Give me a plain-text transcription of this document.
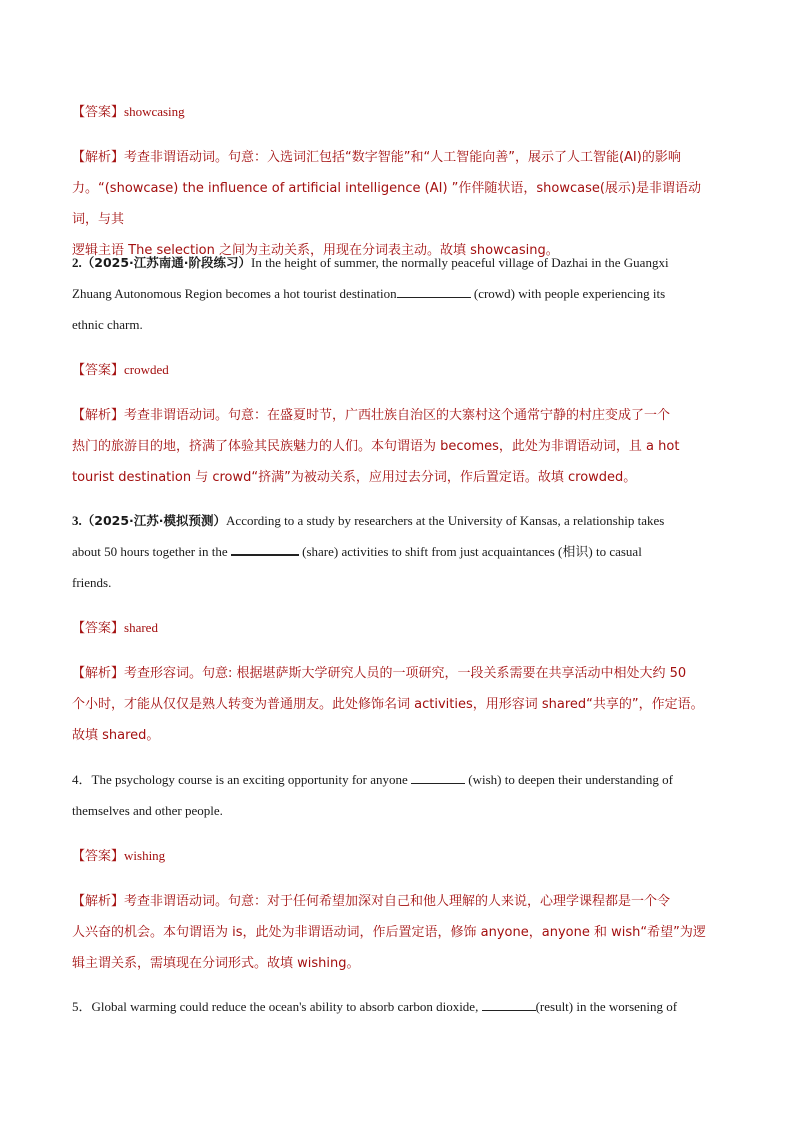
【答案】showcasing
【解析】考查非谓语动词。句意：入选词汇包括“数字智能”和“人工智能向善”，展示了人工智能(AI)的影响
力。“(showcase) the influence of artificial intelligence (AI) ”作伴随状语，showcase(展示)是非谓语动词，与其
逻辑主语 The selection 之间为主动关系，用现在分词表主动。故填 showcasing。
2.（2025·江苏南通·阶段练习）In the height of summer, the normally peaceful village of Dazhai in the Guangxi
Zhuang Autonomous Region becomes a hot tourist destination	(crowd) with people experiencing its
ethnic charm.
【答案】crowded
【解析】考查非谓语动词。句意：在盛夏时节，广西壮族自治区的大寨村这个通常宁静的村庄变成了一个
热门的旅游目的地，挤满了体验其民族魅力的人们。本句谓语为 becomes，此处为非谓语动词，且 a hot
tourist destination 与 crowd“挤满”为被动关系，应用过去分词，作后置定语。故填 crowded。
3.（2025·江苏·模拟预测）According to a study by researchers at the University of Kansas, a relationship takes
about 50 hours together in the	(share) activities to shift from just acquaintances (相识) to casual
friends.
【答案】shared
【解析】考查形容词。句意: 根据堪萨斯大学研究人员的一项研究，一段关系需要在共享活动中相处大约 50
个小时，才能从仅仅是熟人转变为普通朋友。此处修饰名词 activities，用形容词 shared“共享的”，作定语。
故填 shared。
4．The psychology course is an exciting opportunity for anyone	(wish) to deepen their understanding of
themselves and other people.
【答案】wishing
【解析】考查非谓语动词。句意：对于任何希望加深对自己和他人理解的人来说，心理学课程都是一个令
人兴奋的机会。本句谓语为 is，此处为非谓语动词，作后置定语，修饰 anyone，anyone 和 wish“希望”为逻
辑主谓关系，需填现在分词形式。故填 wishing。
5．Global warming could reduce the ocean's ability to absorb carbon dioxide,	(result) in the worsening of
